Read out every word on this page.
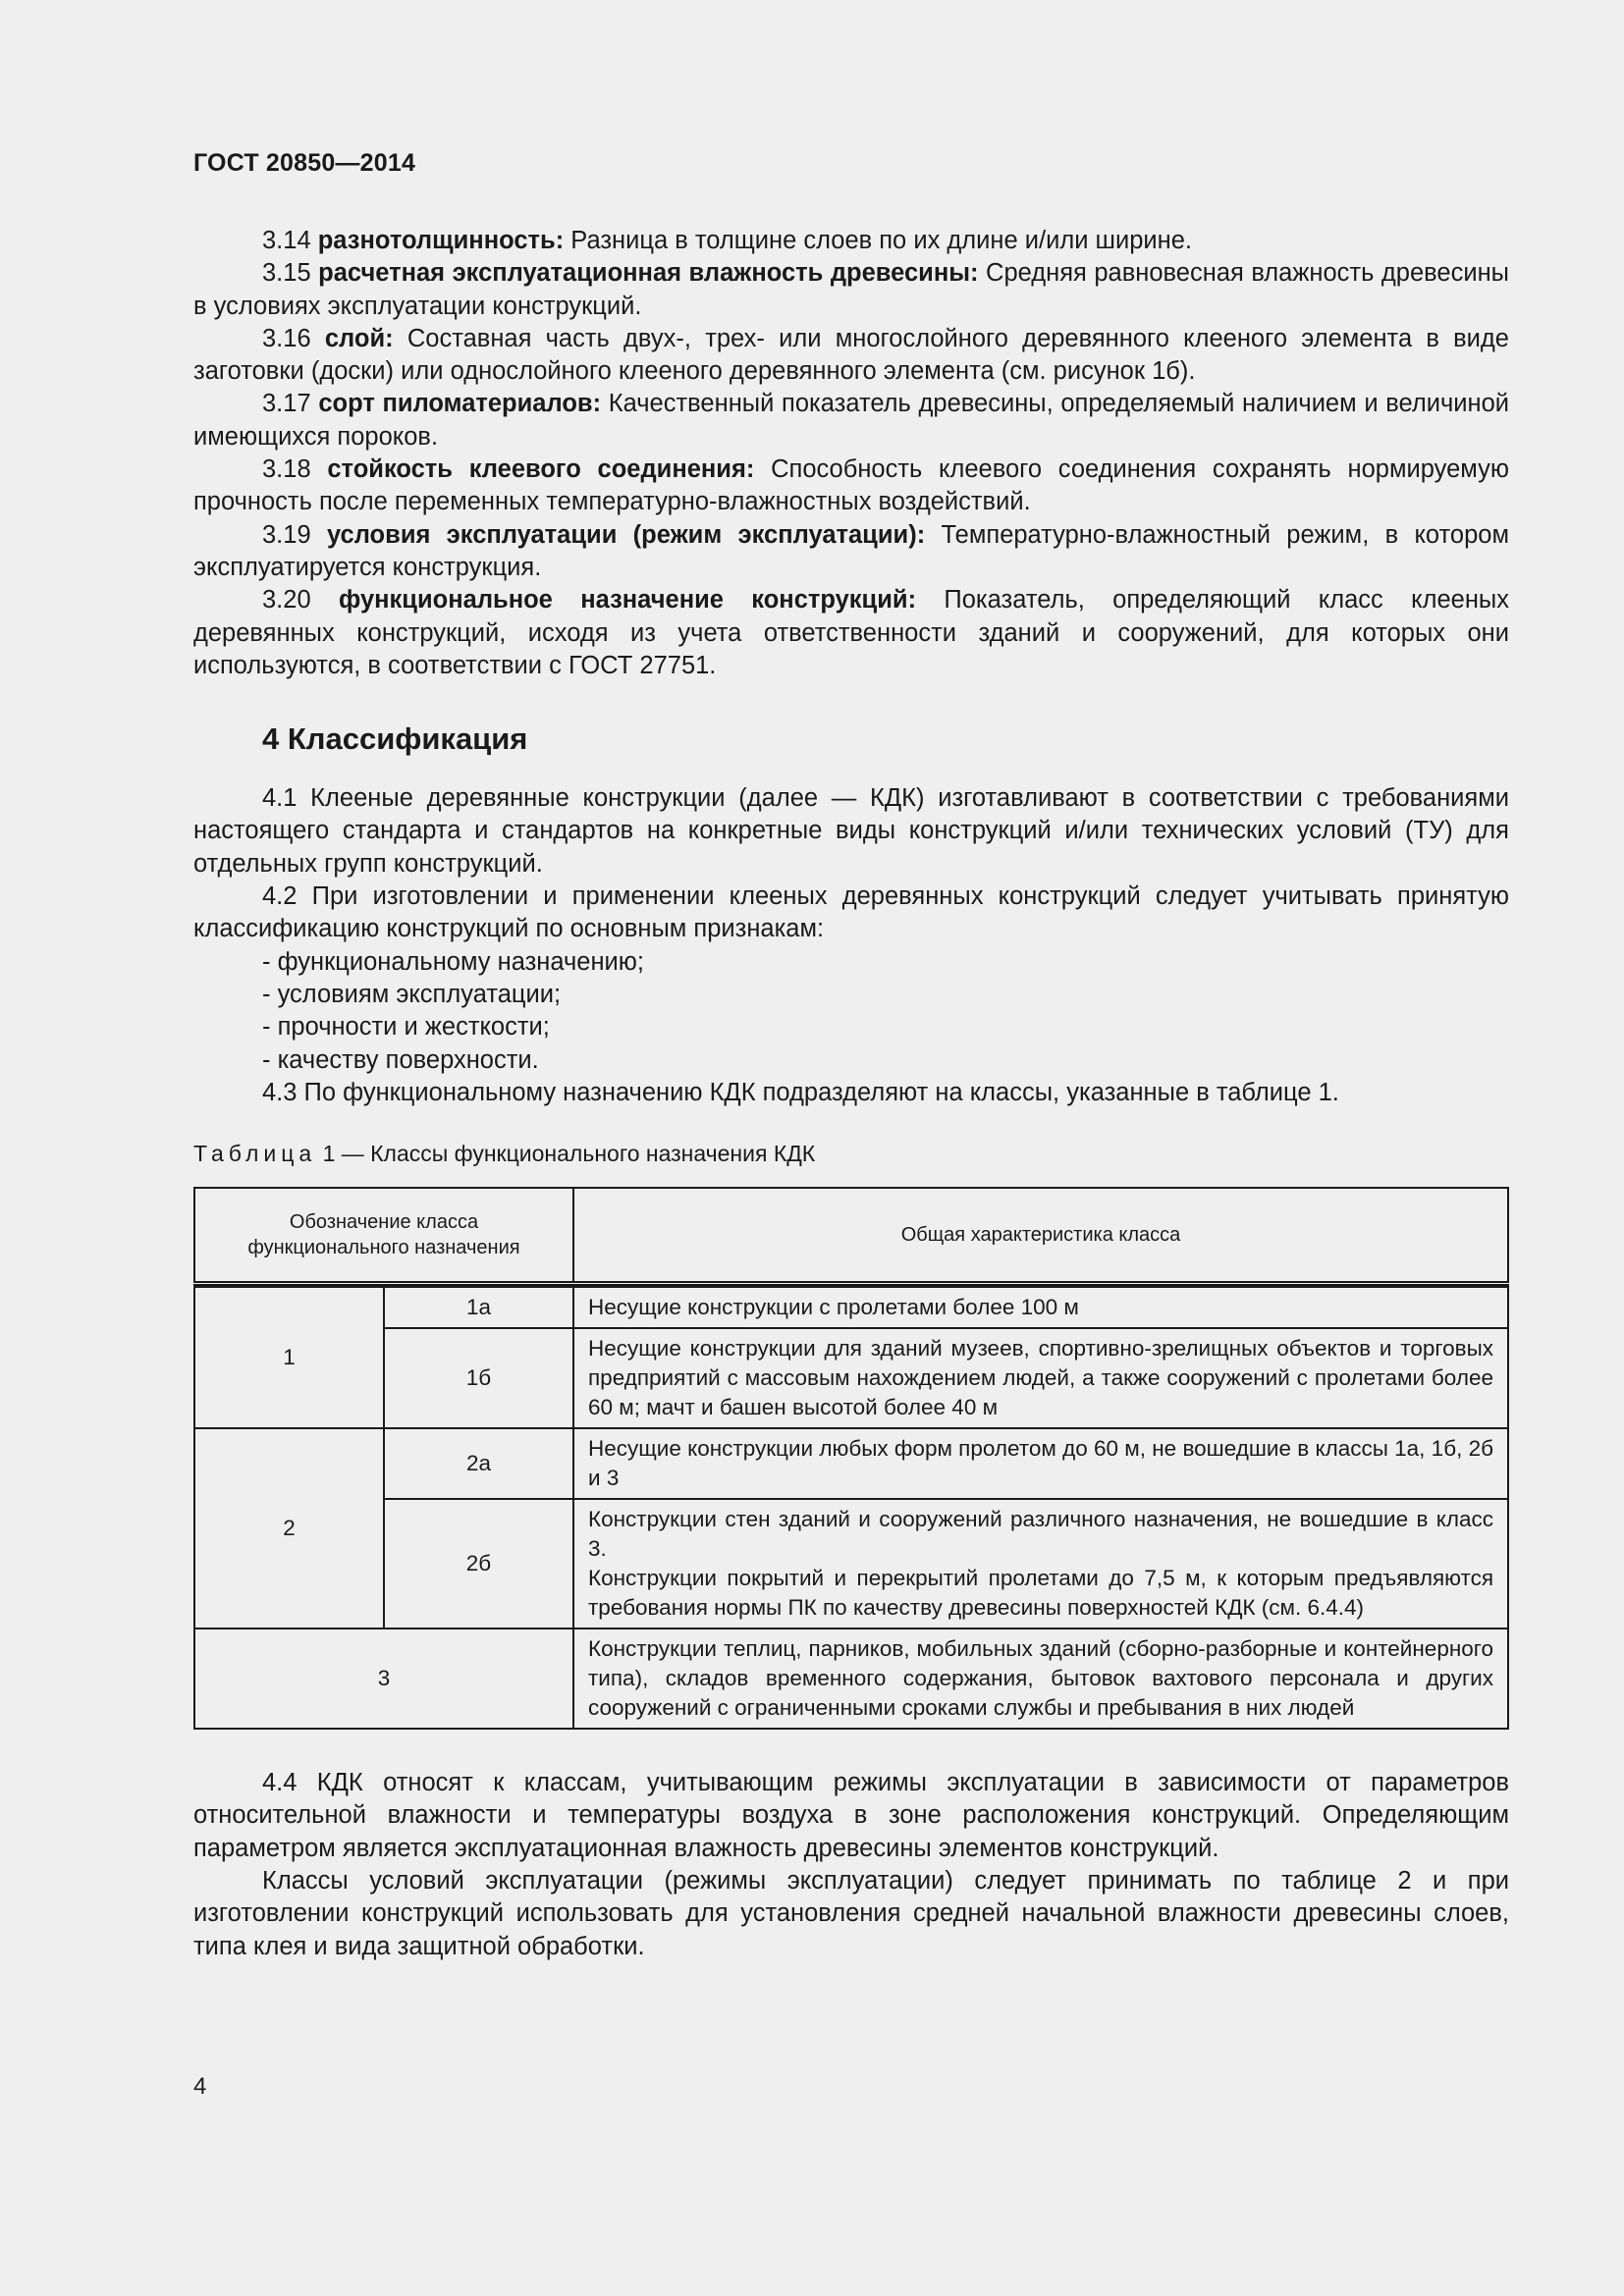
ГОСТ 20850—2014

3.14 разнотолщинность: Разница в толщине слоев по их длине и/или ширине.

3.15 расчетная эксплуатационная влажность древесины: Средняя равновесная влажность древесины в условиях эксплуатации конструкций.

3.16 слой: Составная часть двух-, трех- или многослойного деревянного клееного элемента в виде заготовки (доски) или однослойного клееного деревянного элемента (см. рисунок 1б).

3.17 сорт пиломатериалов: Качественный показатель древесины, определяемый наличием и величиной имеющихся пороков.

3.18 стойкость клеевого соединения: Способность клеевого соединения сохранять нормируемую прочность после переменных температурно-влажностных воздействий.

3.19 условия эксплуатации (режим эксплуатации): Температурно-влажностный режим, в котором эксплуатируется конструкция.

3.20 функциональное назначение конструкций: Показатель, определяющий класс клееных деревянных конструкций, исходя из учета ответственности зданий и сооружений, для которых они используются, в соответствии с ГОСТ 27751.

4 Классификация

4.1 Клееные деревянные конструкции (далее — КДК) изготавливают в соответствии с требованиями настоящего стандарта и стандартов на конкретные виды конструкций и/или технических условий (ТУ) для отдельных групп конструкций.

4.2 При изготовлении и применении клееных деревянных конструкций следует учитывать принятую классификацию конструкций по основным признакам:

- функциональному назначению;
- условиям эксплуатации;
- прочности и жесткости;
- качеству поверхности.

4.3 По функциональному назначению КДК подразделяют на классы, указанные в таблице 1.

Таблица 1 — Классы функционального назначения КДК
Обозначение класса функционального назначения		Общая характеристика класса

1	1а	Несущие конструкции с пролетами более 100 м
	1б	Несущие конструкции для зданий музеев, спортивно-зрелищных объектов и торговых предприятий с массовым нахождением людей, а также сооружений с пролетами более 60 м; мачт и башен высотой более 40 м
2	2а	Несущие конструкции любых форм пролетом до 60 м, не вошедшие в классы 1а, 1б, 2б и 3
	2б	Конструкции стен зданий и сооружений различного назначения, не вошедшие в класс 3.
Конструкции покрытий и перекрытий пролетами до 7,5 м, к которым предъявляются требования нормы ПК по качеству древесины поверхностей КДК (см. 6.4.4)

3		Конструкции теплиц, парников, мобильных зданий (сборно-разборные и контейнерного типа), складов временного содержания, бытовок вахтового персонала и других сооружений с ограниченными сроками службы и пребывания в них людей

4.4 КДК относят к классам, учитывающим режимы эксплуатации в зависимости от параметров относительной влажности и температуры воздуха в зоне расположения конструкций. Определяющим параметром является эксплуатационная влажность древесины элементов конструкций.

Классы условий эксплуатации (режимы эксплуатации) следует принимать по таблице 2 и при изготовлении конструкций использовать для установления средней начальной влажности древесины слоев, типа клея и вида защитной обработки.

4
